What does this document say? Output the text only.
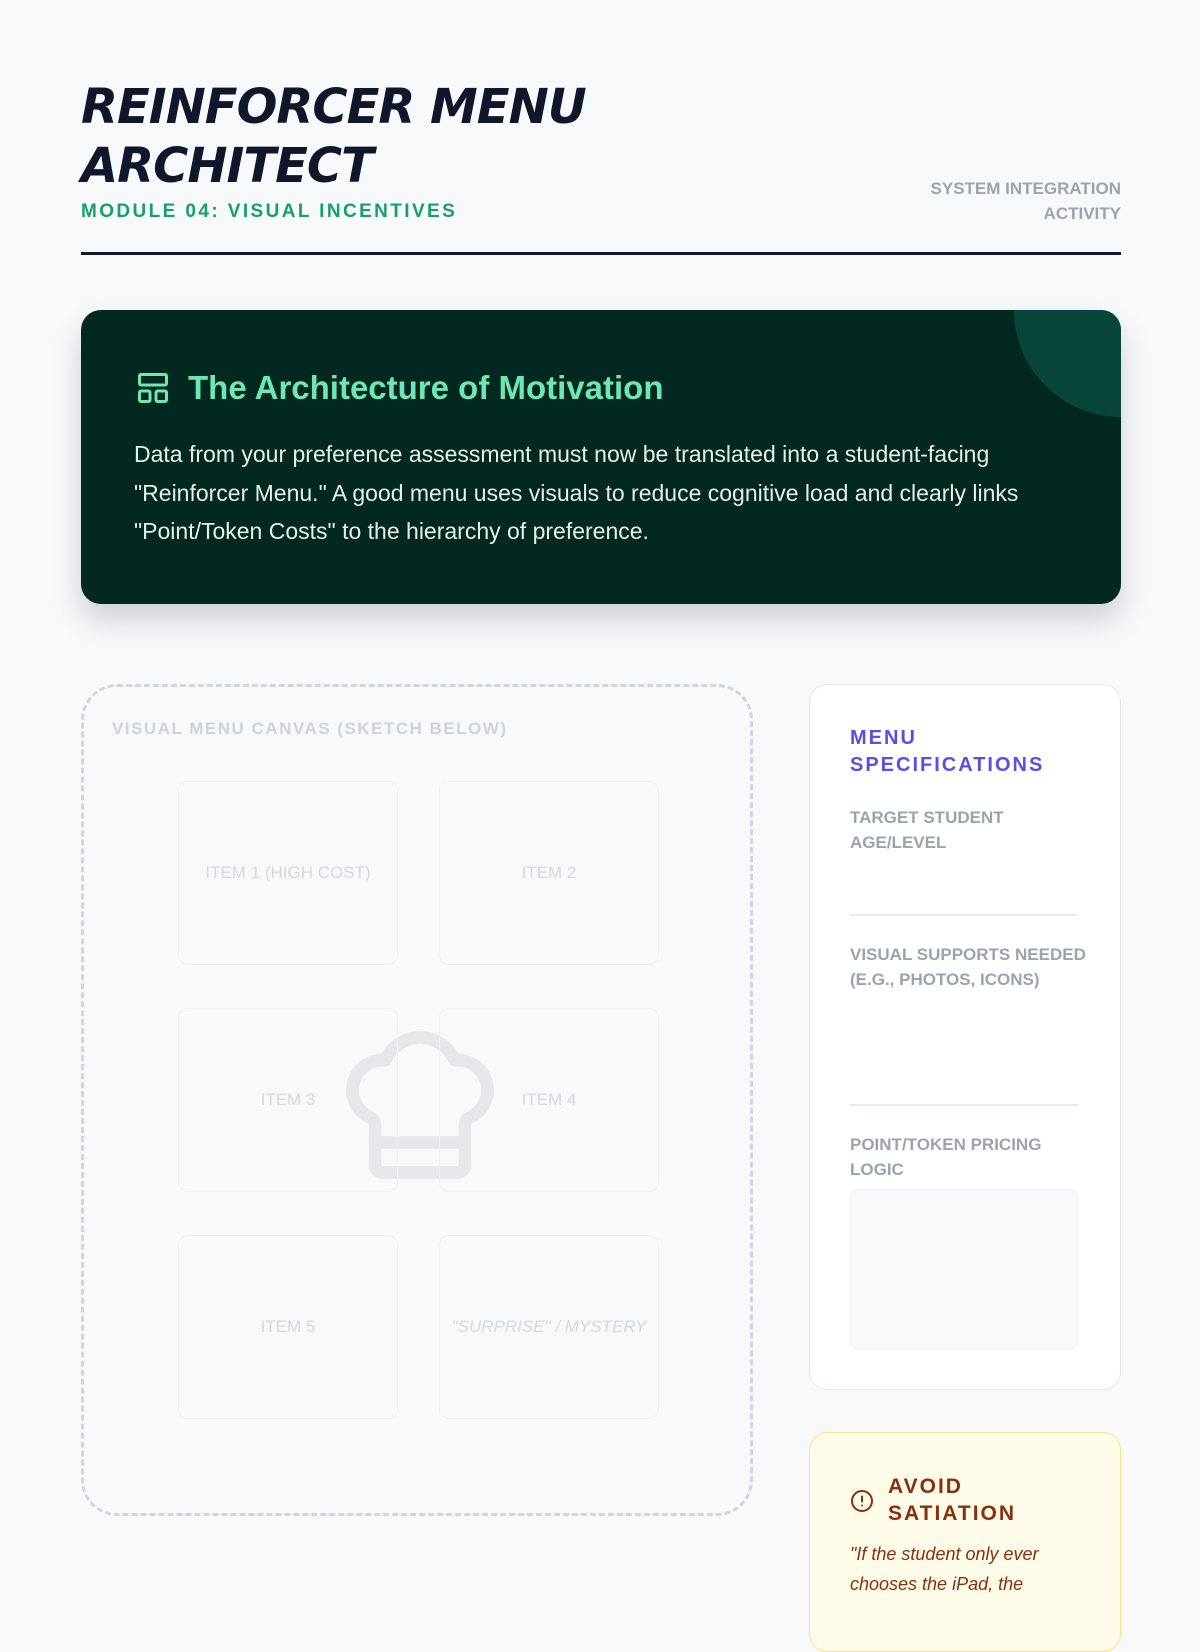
REINFORCER MENU ARCHITECT
MODULE 04: VISUAL INCENTIVES
SYSTEM INTEGRATION ACTIVITY
The Architecture of Motivation

Data from your preference assessment must now be translated into a student-facing "Reinforcer Menu." A good menu uses visuals to reduce cognitive load and clearly links "Point/Token Costs" to the hierarchy of preference.

VISUAL MENU CANVAS (SKETCH BELOW)
ITEM 1 (HIGH COST)	ITEM 2
ITEM 3	ITEM 4
ITEM 5	"SURPRISE" / MYSTERY
MENU SPECIFICATIONS
TARGET STUDENT AGE/LEVEL
VISUAL SUPPORTS NEEDED (E.G., PHOTOS, ICONS)
POINT/TOKEN PRICING LOGIC
AVOID SATIATION

"If the student only ever chooses the iPad, the
